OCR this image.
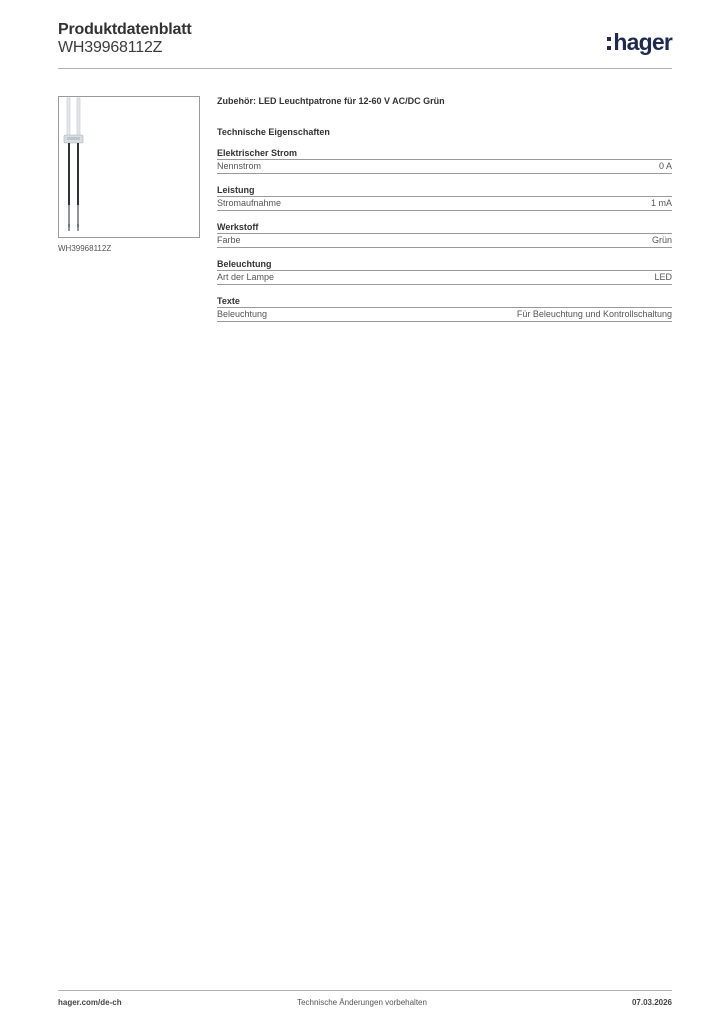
Produktdatenblatt
WH39968112Z	hager
WH39968112Z
Zubehör: LED Leuchtpatrone für 12-60 V AC/DC Grün
Technische Eigenschaften
Elektrischer Strom
Nennstrom	0 A
Leistung
Stromaufnahme	1 mA
Werkstoff
Farbe	Grün
Beleuchtung
Art der Lampe	LED
Texte
Beleuchtung	Für Beleuchtung und Kontrollschaltung
hager.com/de-ch	Technische Änderungen vorbehalten	07.03.2026
